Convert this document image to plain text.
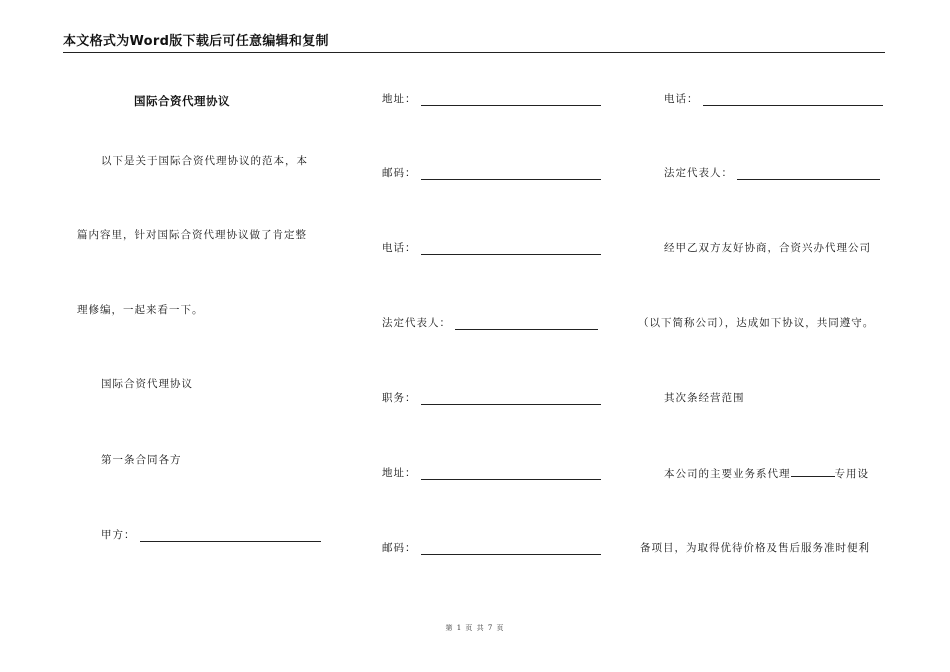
本文格式为Word版下载后可任意编辑和复制
国际合资代理协议
以下是关于国际合资代理协议的范本，本
篇内容里，针对国际合资代理协议做了肯定整
理修编，一起来看一下。
国际合资代理协议
第一条合同各方
甲方：
地址：
邮码：
电话：
法定代表人：
职务：
地址：
邮码：
电话：
法定代表人：
经甲乙双方友好协商，合资兴办代理公司
（以下简称公司），达成如下协议，共同遵守。
其次条经营范围
本公司的主要业务系代理	专用设
备项目，为取得优待价格及售后服务准时便利
第 1 页 共 7 页
